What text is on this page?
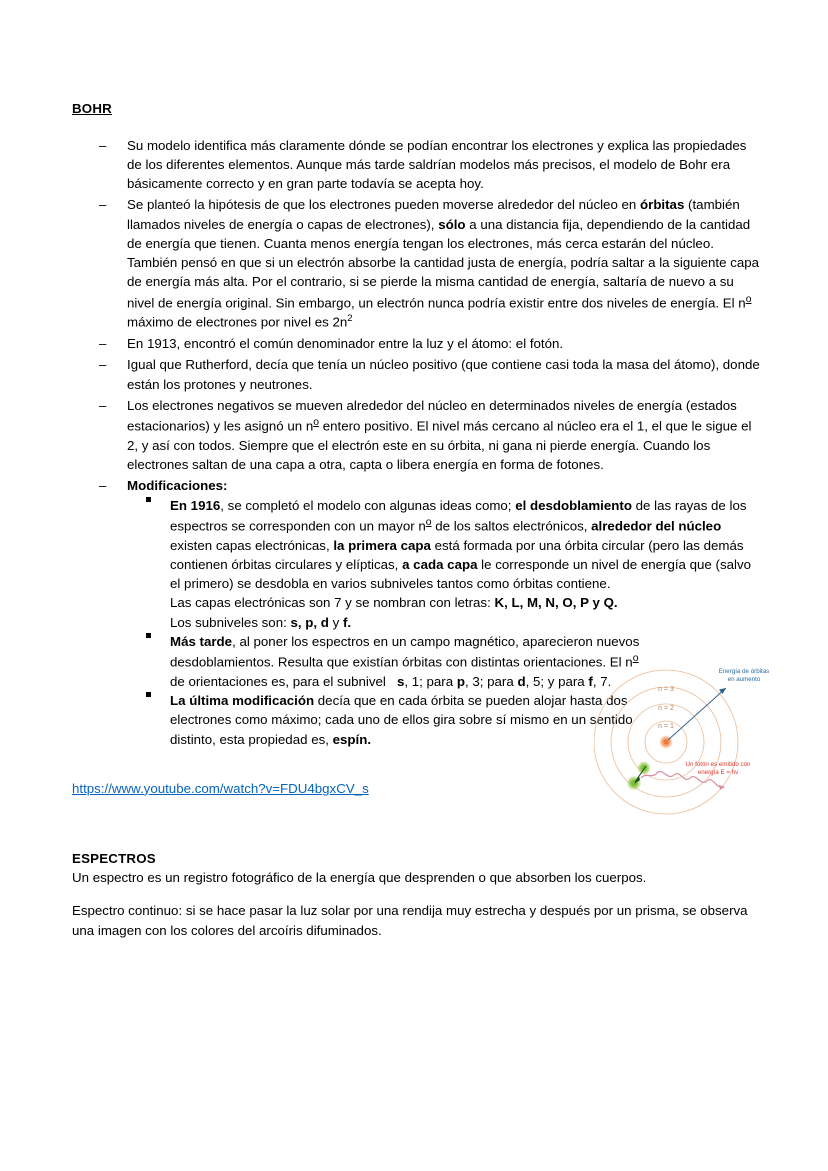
BOHR
– Su modelo identifica más claramente dónde se podían encontrar los electrones y explica las propiedades de los diferentes elementos. Aunque más tarde saldrían modelos más precisos, el modelo de Bohr era básicamente correcto y en gran parte todavía se acepta hoy.
– Se planteó la hipótesis de que los electrones pueden moverse alrededor del núcleo en órbitas (también llamados niveles de energía o capas de electrones), sólo a una distancia fija, dependiendo de la cantidad de energía que tienen. Cuanta menos energía tengan los electrones, más cerca estarán del núcleo. También pensó en que si un electrón absorbe la cantidad justa de energía, podría saltar a la siguiente capa de energía más alta. Por el contrario, si se pierde la misma cantidad de energía, saltaría de nuevo a su nivel de energía original. Sin embargo, un electrón nunca podría existir entre dos niveles de energía. El $n^o$ máximo de electrones por nivel es $2n^2$
– En 1913, encontró el común denominador entre la luz y el átomo: el fotón.
– Igual que Rutherford, decía que tenía un núcleo positivo (que contiene casi toda la masa del átomo), donde están los protones y neutrones.
– Los electrones negativos se mueven alrededor del núcleo en determinados niveles de energía (estados estacionarios) y les asignó un $n^o$ entero positivo. El nivel más cercano al núcleo era el 1, el que le sigue el 2, y así con todos. Siempre que el electrón este en su órbita, ni gana ni pierde energía. Cuando los electrones saltan de una capa a otra, capta o libera energía en forma de fotones.
– Modificaciones:
En 1916, se completó el modelo con algunas ideas como; el desdoblamiento de las rayas de los espectros se corresponden con un mayor $n^o$ de los saltos electrónicos, alrededor del núcleo existen capas electrónicas, la primera capa está formada por una órbita circular (pero las demás contienen órbitas circulares y elípticas, a cada capa le corresponde un nivel de energía que (salvo el primero) se desdobla en varios subniveles tantos como órbitas contiene.
Las capas electrónicas son 7 y se nombran con letras: K, L, M, N, O, P y Q.
Los subniveles son: s, p, d y f.
Más tarde, al poner los espectros en un campo magnético, aparecieron nuevos desdoblamientos. Resulta que existían órbitas con distintas orientaciones. El $n^o$ de orientaciones es, para el subnivel   s, 1; para p, 3; para d, 5; y para f, 7.
La última modificación decía que en cada órbita se pueden alojar hasta dos electrones como máximo; cada uno de ellos gira sobre sí mismo en un sentido distinto, esta propiedad es, espín.
https://www.youtube.com/watch?v=FDU4bgxCV_s
ESPECTROS

Un espectro es un registro fotográfico de la energía que desprenden o que absorben los cuerpos.

Espectro continuo: si se hace pasar la luz solar por una rendija muy estrecha y después por un prisma, se observa una imagen con los colores del arcoíris difuminados.

n = 1
n = 2
n = 3
Energía de órbitas
en aumento
Un fotón es emitido con
energía E = hν
